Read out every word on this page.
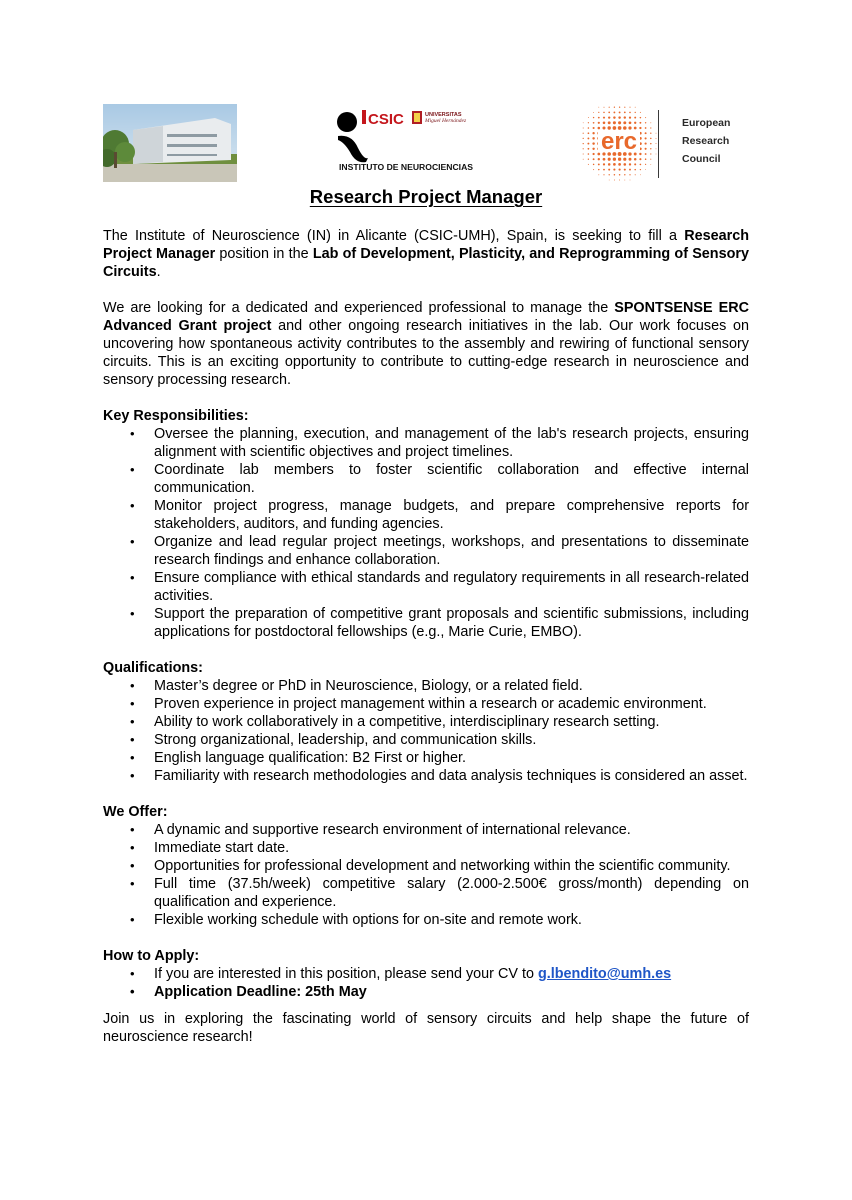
CSIC	UNIVERSITAS
Miguel Hernández
INSTITUTO DE NEUROCIENCIAS
erc
European
Research
Council
Research Project Manager

The Institute of Neuroscience (IN) in Alicante (CSIC-UMH), Spain, is seeking to fill a Research Project Manager position in the Lab of Development, Plasticity, and Reprogramming of Sensory Circuits.

We are looking for a dedicated and experienced professional to manage the SPONTSENSE ERC Advanced Grant project and other ongoing research initiatives in the lab. Our work focuses on uncovering how spontaneous activity contributes to the assembly and rewiring of functional sensory circuits. This is an exciting opportunity to contribute to cutting-edge research in neuroscience and sensory processing research.

Key Responsibilities:

• Oversee the planning, execution, and management of the lab's research projects, ensuring alignment with scientific objectives and project timelines.
• Coordinate lab members to foster scientific collaboration and effective internal communication.
• Monitor project progress, manage budgets, and prepare comprehensive reports for stakeholders, auditors, and funding agencies.
• Organize and lead regular project meetings, workshops, and presentations to disseminate research findings and enhance collaboration.
• Ensure compliance with ethical standards and regulatory requirements in all research-related activities.
• Support the preparation of competitive grant proposals and scientific submissions, including applications for postdoctoral fellowships (e.g., Marie Curie, EMBO).

Qualifications:

• Master’s degree or PhD in Neuroscience, Biology, or a related field.
• Proven experience in project management within a research or academic environment.
• Ability to work collaboratively in a competitive, interdisciplinary research setting.
• Strong organizational, leadership, and communication skills.
• English language qualification: B2 First or higher.
• Familiarity with research methodologies and data analysis techniques is considered an asset.

We Offer:

• A dynamic and supportive research environment of international relevance.
• Immediate start date.
• Opportunities for professional development and networking within the scientific community.
• Full time (37.5h/week) competitive salary (2.000-2.500€ gross/month) depending on qualification and experience.
• Flexible working schedule with options for on-site and remote work.

How to Apply:

• If you are interested in this position, please send your CV to g.lbendito@umh.es
• Application Deadline: 25th May

Join us in exploring the fascinating world of sensory circuits and help shape the future of neuroscience research!
